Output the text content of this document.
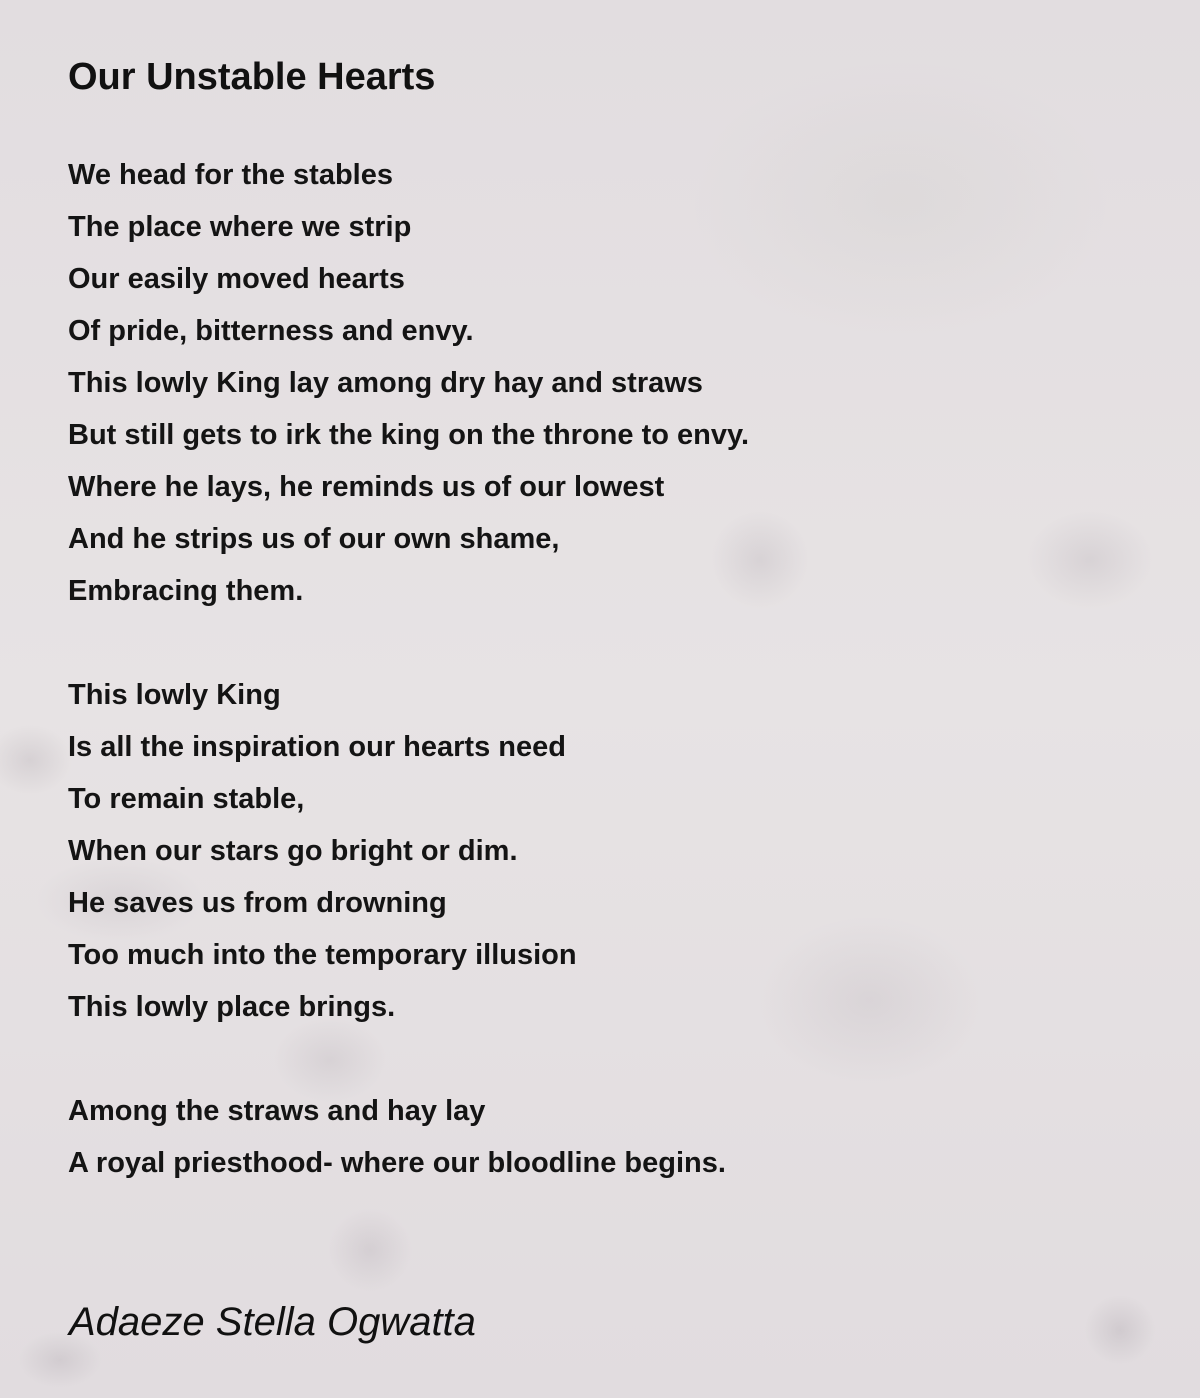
Our Unstable Hearts
We head for the stables
The place where we strip
Our easily moved hearts
Of pride, bitterness and envy.
This lowly King lay among dry hay and straws
But still gets to irk the king on the throne to envy.
Where he lays, he reminds us of our lowest
And he strips us of our own shame,
Embracing them.
This lowly King
Is all the inspiration our hearts need
To remain stable,
When our stars go bright or dim.
He saves us from drowning
Too much into the temporary illusion
This lowly place brings.
Among the straws and hay lay
A royal priesthood- where our bloodline begins.

Adaeze Stella Ogwatta
